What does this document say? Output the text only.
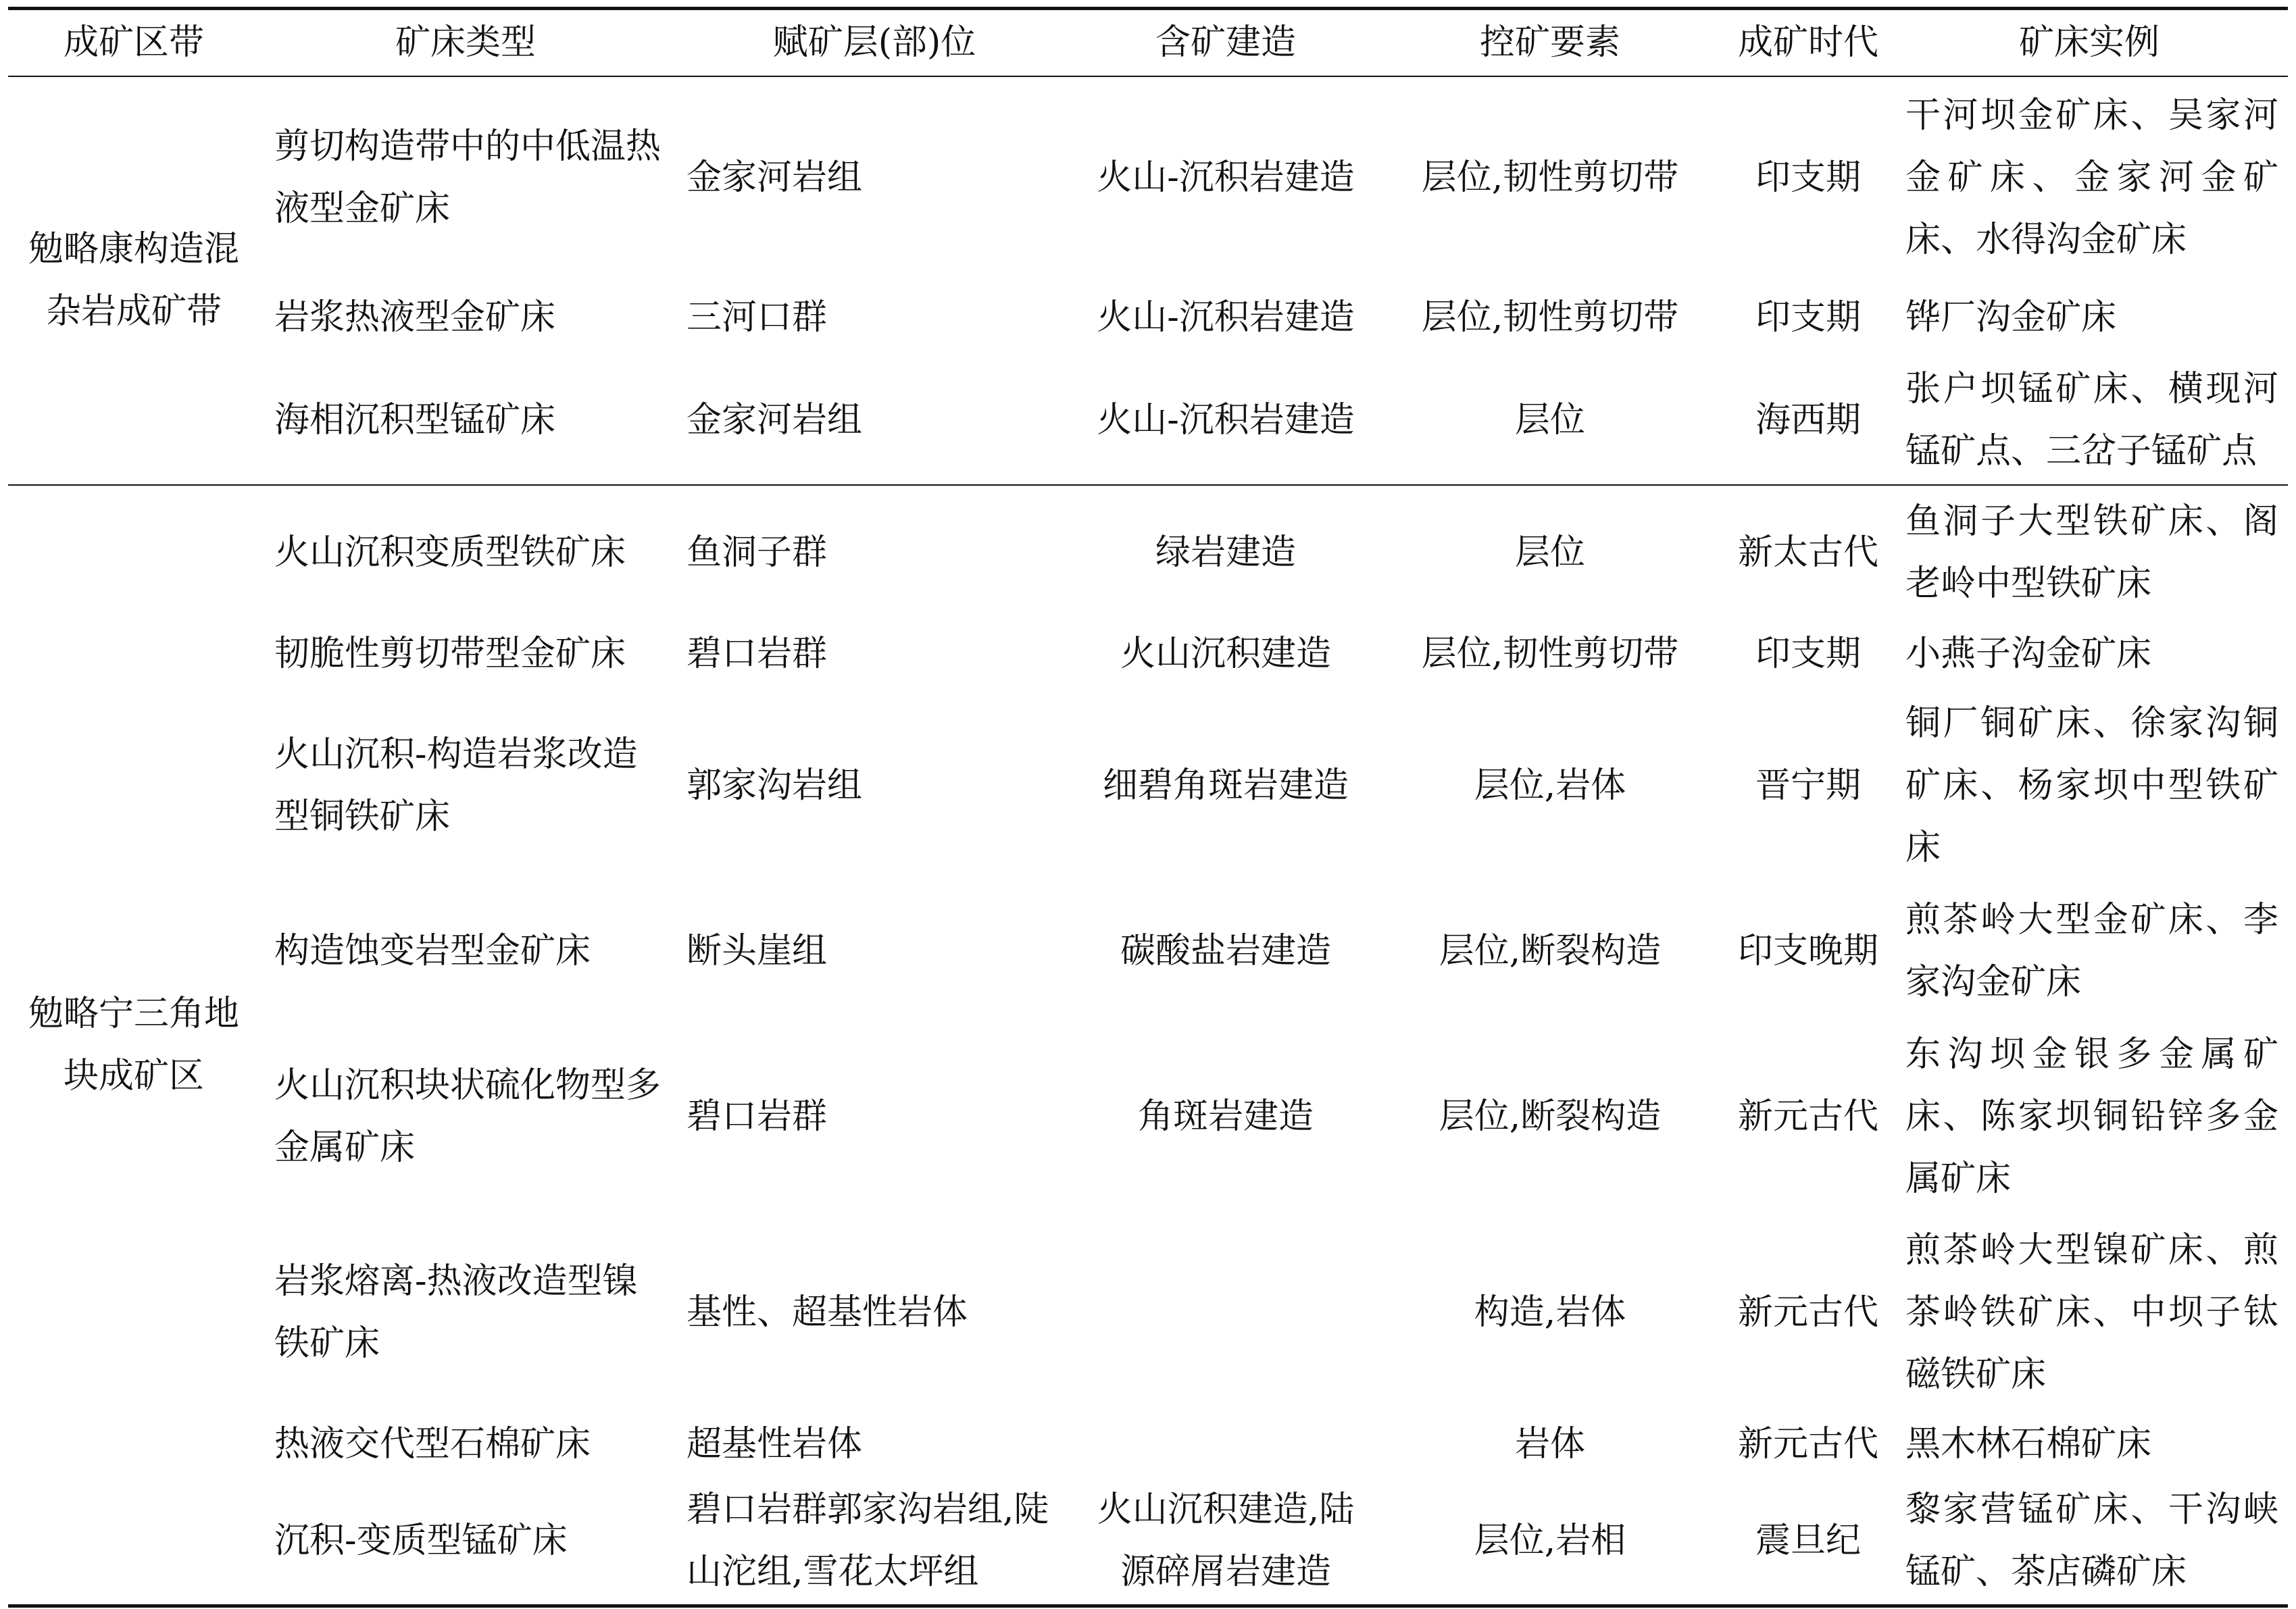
成矿区带	矿床类型	赋矿层(部)位	含矿建造	控矿要素	成矿时代	矿床实例
勉略康构造混杂岩成矿带	剪切构造带中的中低温热液型金矿床	金家河岩组	火山-沉积岩建造	层位,韧性剪切带	印支期	干河坝金矿床、吴家河金矿床、金家河金矿床、水得沟金矿床
	岩浆热液型金矿床	三河口群	火山-沉积岩建造	层位,韧性剪切带	印支期	铧厂沟金矿床
	海相沉积型锰矿床	金家河岩组	火山-沉积岩建造	层位	海西期	张户坝锰矿床、横现河锰矿点、三岔子锰矿点
勉略宁三角地块成矿区	火山沉积变质型铁矿床	鱼洞子群	绿岩建造	层位	新太古代	鱼洞子大型铁矿床、阁老岭中型铁矿床
	韧脆性剪切带型金矿床	碧口岩群	火山沉积建造	层位,韧性剪切带	印支期	小燕子沟金矿床
	火山沉积-构造岩浆改造型铜铁矿床	郭家沟岩组	细碧角斑岩建造	层位,岩体	晋宁期	铜厂铜矿床、徐家沟铜矿床、杨家坝中型铁矿床
	构造蚀变岩型金矿床	断头崖组	碳酸盐岩建造	层位,断裂构造	印支晚期	煎茶岭大型金矿床、李家沟金矿床
	火山沉积块状硫化物型多金属矿床	碧口岩群	角斑岩建造	层位,断裂构造	新元古代	东沟坝金银多金属矿床、陈家坝铜铅锌多金属矿床
	岩浆熔离-热液改造型镍铁矿床	基性、超基性岩体		构造,岩体	新元古代	煎茶岭大型镍矿床、煎茶岭铁矿床、中坝子钛磁铁矿床
	热液交代型石棉矿床	超基性岩体		岩体	新元古代	黑木林石棉矿床
	沉积-变质型锰矿床	碧口岩群郭家沟岩组,陡山沱组,雪花太坪组	火山沉积建造,陆源碎屑岩建造	层位,岩相	震旦纪	黎家营锰矿床、干沟峡锰矿、茶店磷矿床
